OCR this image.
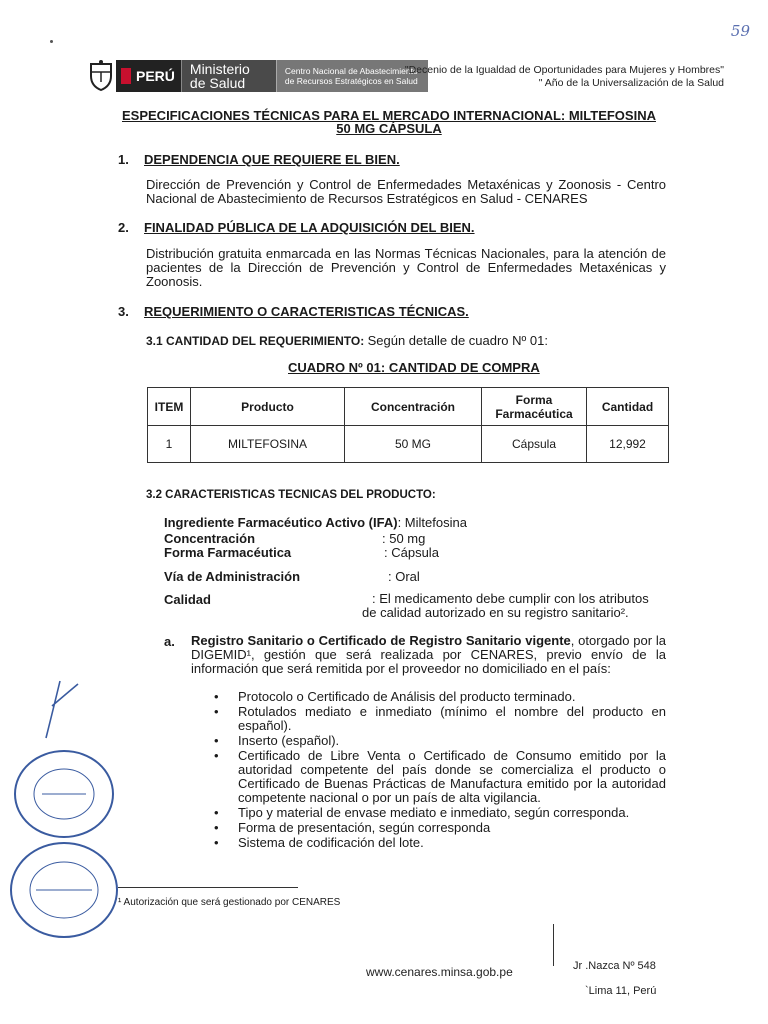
59
PERÚ Ministerio
de Salud
Centro Nacional de Abastecimiento
de Recursos Estratégicos en Salud
"Decenio de la Igualdad de Oportunidades para Mujeres y Hombres"
" Año de la Universalización de la Salud
ESPECIFICACIONES TÉCNICAS PARA EL MERCADO INTERNACIONAL: MILTEFOSINA
50 MG CÁPSULA
1. DEPENDENCIA QUE REQUIERE EL BIEN.
Dirección de Prevención y Control de Enfermedades Metaxénicas y Zoonosis - Centro Nacional de Abastecimiento de Recursos Estratégicos en Salud - CENARES
2. FINALIDAD PÚBLICA DE LA ADQUISICIÓN DEL BIEN.
Distribución gratuita enmarcada en las Normas Técnicas Nacionales, para la atención de pacientes de la Dirección de Prevención y Control de Enfermedades Metaxénicas y Zoonosis.
3. REQUERIMIENTO O CARACTERISTICAS TÉCNICAS.
3.1 CANTIDAD DEL REQUERIMIENTO: Según detalle de cuadro Nº 01:
CUADRO Nº 01: CANTIDAD DE COMPRA
ITEM	Producto	Concentración	Forma Farmacéutica	Cantidad
1	MILTEFOSINA	50 MG	Cápsula	12,992
3.2 CARACTERISTICAS TECNICAS DEL PRODUCTO:
Ingrediente Farmacéutico Activo (IFA): Miltefosina
Concentración	: 50 mg
Forma Farmacéutica	: Cápsula
Vía de Administración	: Oral
Calidad	: El medicamento debe cumplir con los atributos
de calidad autorizado en su registro sanitario².
a. Registro Sanitario o Certificado de Registro Sanitario vigente, otorgado por la DIGEMID¹, gestión que será realizada por CENARES, previo envío de la información que será remitida por el proveedor no domiciliado en el país:
• Protocolo o Certificado de Análisis del producto terminado.
• Rotulados mediato e inmediato (mínimo el nombre del producto en español).
• Inserto (español).
• Certificado de Libre Venta o Certificado de Consumo emitido por la autoridad competente del país donde se comercializa el producto o Certificado de Buenas Prácticas de Manufactura emitido por la autoridad competente nacional o por un país de alta vigilancia.
• Tipo y material de envase mediato e inmediato, según corresponda.
• Forma de presentación, según corresponda
• Sistema de codificación del lote.
¹ Autorización que será gestionado por CENARES
www.cenares.minsa.gob.pe	Jr .Nazca Nº 548
`Lima 11, Perú
